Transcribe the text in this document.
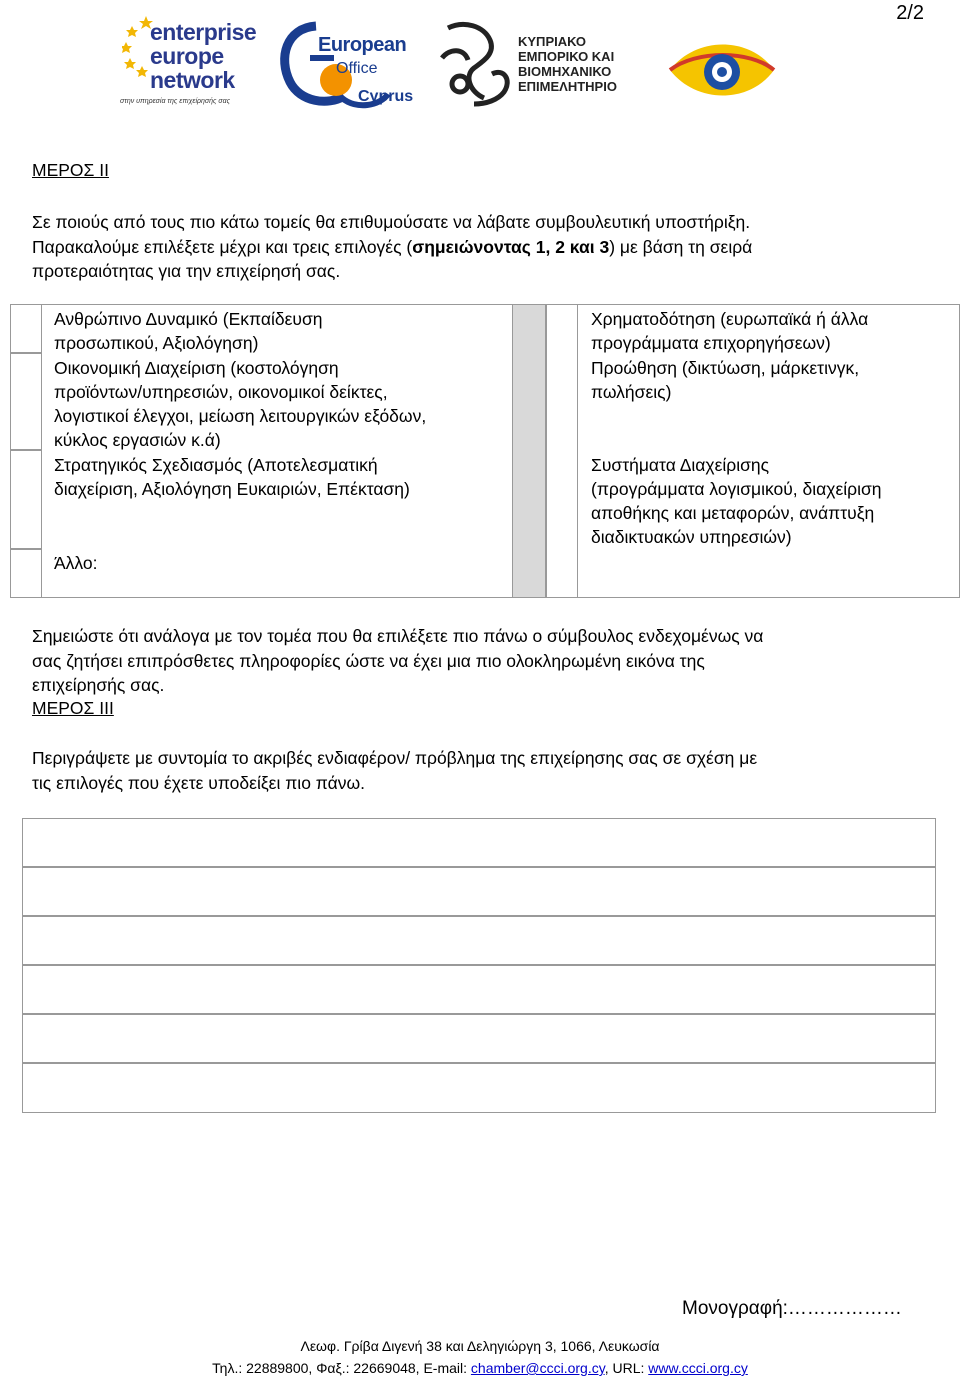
2/2
enterprise
europe
network
στην υπηρεσία της επιχείρησής σας
European
Office
Cyprus
ΚΥΠΡΙΑΚΟ
ΕΜΠΟΡΙΚΟ ΚΑΙ
ΒΙΟΜΗΧΑΝΙΚΟ
ΕΠΙΜΕΛΗΤΗΡΙΟ
ΜΕΡΟΣ ΙΙ
Σε ποιούς από τους πιο κάτω τομείς θα επιθυμούσατε να λάβατε συμβουλευτική υποστήριξη.
Παρακαλούμε επιλέξετε μέχρι και τρεις επιλογές (σημειώνοντας 1, 2 και 3) με βάση τη σειρά
προτεραιότητας για την επιχείρησή σας.
Ανθρώπινο Δυναμικό (Εκπαίδευση
προσωπικού, Αξιολόγηση)
Οικονομική Διαχείριση (κοστολόγηση
προϊόντων/υπηρεσιών, οικονομικοί δείκτες,
λογιστικοί έλεγχοι, μείωση λειτουργικών εξόδων,
κύκλος εργασιών κ.ά)
Στρατηγικός Σχεδιασμός (Αποτελεσματική
διαχείριση, Αξιολόγηση Ευκαιριών, Επέκταση)
Άλλο:
Χρηματοδότηση (ευρωπαϊκά ή άλλα
προγράμματα επιχορηγήσεων)
Προώθηση (δικτύωση, μάρκετινγκ,
πωλήσεις)
Συστήματα Διαχείρισης
(προγράμματα λογισμικού, διαχείριση
αποθήκης και μεταφορών, ανάπτυξη
διαδικτυακών υπηρεσιών)
Σημειώστε ότι ανάλογα με τον τομέα που θα επιλέξετε πιο πάνω ο σύμβουλος ενδεχομένως να
σας ζητήσει επιπρόσθετες πληροφορίες ώστε να έχει μια πιο ολοκληρωμένη εικόνα της
επιχείρησής σας.
ΜΕΡΟΣ ΙΙΙ
Περιγράψετε με συντομία το ακριβές ενδιαφέρον/ πρόβλημα της επιχείρησης σας σε σχέση με
τις επιλογές που έχετε υποδείξει πιο πάνω.
Μονογραφή:………………
Λεωφ. Γρίβα Διγενή 38 και Δεληγιώργη 3, 1066, Λευκωσία
Τηλ.: 22889800, Φαξ.: 22669048, E-mail: chamber@ccci.org.cy, URL: www.ccci.org.cy
